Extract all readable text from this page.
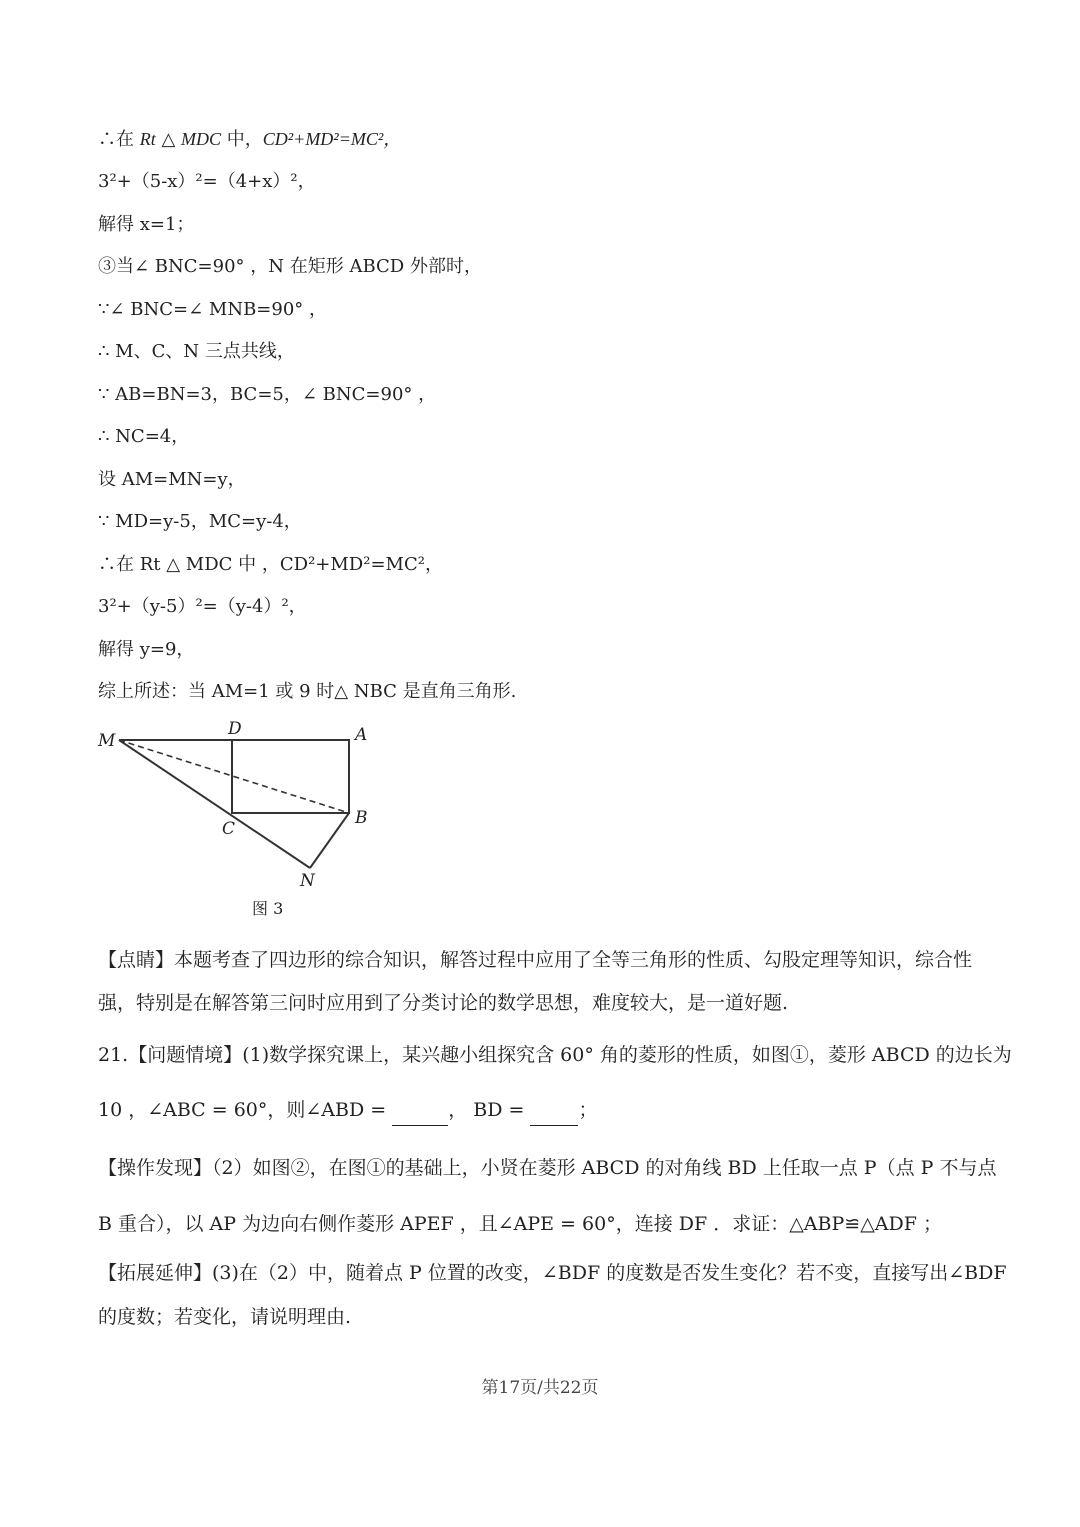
∴在 Rt △ MDC 中，CD²+MD²=MC²，
3²+（5-x）²=（4+x）²，
解得 x=1；
③当∠ BNC=90° ，N 在矩形 ABCD 外部时，
∵∠ BNC=∠ MNB=90° ，
∴ M、C、N 三点共线，
∵ AB=BN=3，BC=5，∠ BNC=90° ，
∴ NC=4，
设 AM=MN=y，
∵ MD=y-5，MC=y-4，
∴在 Rt △ MDC 中 ，CD²+MD²=MC²，
3²+（y-5）²=（y-4）²，
解得 y=9，
综上所述：当 AM=1 或 9 时△ NBC 是直角三角形.
M
D	A
C
B
N
图 3
【点睛】本题考查了四边形的综合知识，解答过程中应用了全等三角形的性质、勾股定理等知识，综合性
强，特别是在解答第三问时应用到了分类讨论的数学思想，难度较大，是一道好题.
21.【问题情境】(1)数学探究课上，某兴趣小组探究含 60° 角的菱形的性质，如图①，菱形 ABCD 的边长为
10 ，∠ABC = 60°，则∠ABD =	， BD =	；
【操作发现】（2）如图②，在图①的基础上，小贤在菱形 ABCD 的对角线 BD 上任取一点 P（点 P 不与点
B 重合），以 AP 为边向右侧作菱形 APEF ，且∠APE = 60°，连接 DF ．求证：△ABP≌△ADF ；
【拓展延伸】(3)在（2）中，随着点 P 位置的改变，∠BDF 的度数是否发生变化？若不变，直接写出∠BDF
的度数；若变化，请说明理由.
第17页/共22页
